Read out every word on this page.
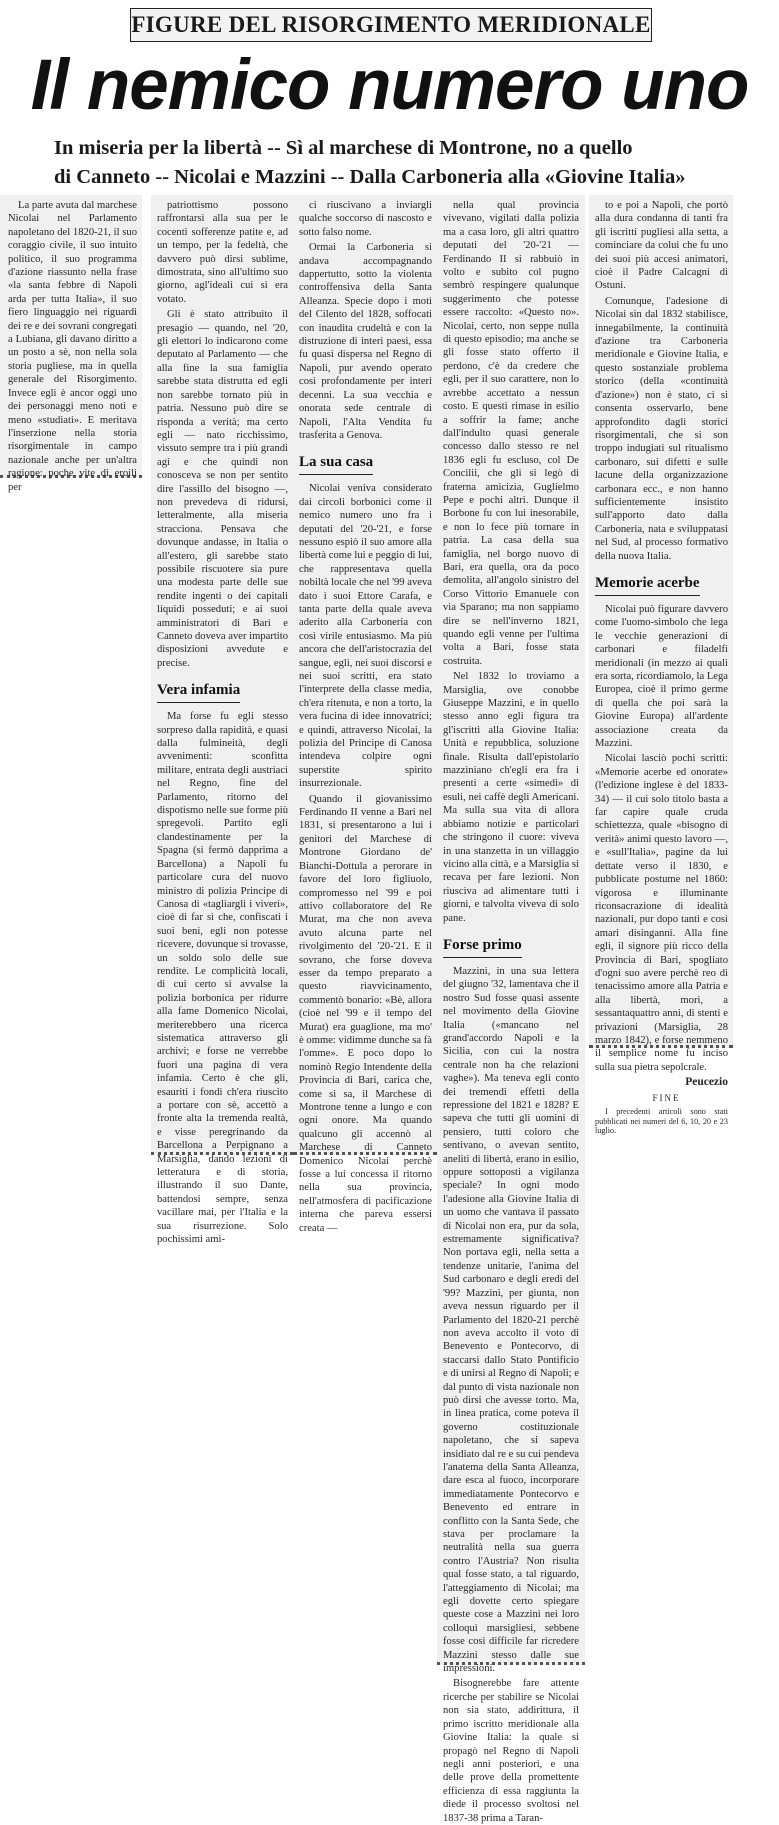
FIGURE DEL RISORGIMENTO MERIDIONALE
Il nemico numero uno
In miseria per la libertà -- Sì al marchese di Montrone, no a quello
di Canneto -- Nicolai e Mazzini -- Dalla Carboneria alla «Giovine Italia»

La parte avuta dal marchese Nicolai nel Parlamento napoletano del 1820-21, il suo coraggio civile, il suo intuito politico, il suo programma d'azione riassunto nella frase «la santa febbre di Napoli arda per tutta Italia», il suo fiero linguaggio nei riguardi dei re e dei sovrani congregati a Lubiana, gli davano diritto a un posto a sè, non nella sola storia pugliese, ma in quella generale del Risorgimento. Invece egli è ancor oggi uno dei personaggi meno noti e meno «studiati». E meritava l'inserzione nella storia risorgimentale in campo nazionale anche per un'altra ragione: poche vite di eroili per

patriottismo possono raffrontarsi alla sua per le cocenti sofferenze patite e, ad un tempo, per la fedeltà, che davvero può dirsi sublime, dimostrata, sino all'ultimo suo giorno, agl'ideali cui si era votato.

Gli è stato attribuito il presagio — quando, nel '20, gli elettori lo indicarono come deputato al Parlamento — che alla fine la sua famiglia sarebbe stata distrutta ed egli non sarebbe tornato più in patria. Nessuno può dire se risponda a verità; ma certo egli — nato ricchissimo, vissuto sempre tra i più grandi agi e che quindi non conosceva se non per sentito dire l'assillo del bisogno —, non prevedeva di ridursi, letteralmente, alla miseria stracciona. Pensava che dovunque andasse, in Italia o all'estero, gli sarebbe stato possibile riscuotere sia pure una modesta parte delle sue rendite ingenti o dei capitali liquidi posseduti; e ai suoi amministratori di Bari e Canneto doveva aver impartito disposizioni avvedute e precise.

Vera infamia

Ma forse fu egli stesso sorpreso dalla rapidità, e quasi dalla fulmineità, degli avvenimenti: sconfitta militare, entrata degli austriaci nel Regno, fine del Parlamento, ritorno del dispotismo nelle sue forme più spregevoli. Partito egli clandestinamente per la Spagna (si fermò dapprima a Barcellona) a Napoli fu particolare cura del nuovo ministro di polizia Principe di Canosa di «tagliargli i viveri», cioè di far sì che, confiscati i suoi beni, egli non potesse ricevere, dovunque si trovasse, un soldo solo delle sue rendite. Le complicità locali, di cui certo si avvalse la polizia borbonica per ridurre alla fame Domenico Nicolai, meriterebbero una ricerca sistematica attraverso gli archivi; e forse ne verrebbe fuori una pagina di vera infamia. Certo è che gli, esauriti i fondi ch'era riuscito a portare con sè, accettò a fronte alta la tremenda realtà, e visse peregrinando da Barcellona a Perpignano a Marsiglia, dando lezioni di letteratura e di storia, illustrando il suo Dante, battendosi sempre, senza vacillare mai, per l'Italia e la sua risurrezione. Solo pochissimi ami-

ci riuscivano a inviargli qualche soccorso di nascosto e sotto falso nome.

Ormai la Carboneria si andava accompagnando dappertutto, sotto la violenta controffensiva della Santa Alleanza. Specie dopo i moti del Cilento del 1828, soffocati con inaudita crudeltà e con la distruzione di interi paesi, essa fu quasi dispersa nel Regno di Napoli, pur avendo operato così profondamente per interi decenni. La sua vecchia e onorata sede centrale di Napoli, l'Alta Vendita fu trasferita a Genova.

La sua casa

Nicolai veniva considerato dai circoli borbonici come il nemico numero uno fra i deputati del '20-'21, e forse nessuno espiò il suo amore alla libertà come lui e peggio di lui, che rappresentava quella nobiltà locale che nel '99 aveva dato i suoi Ettore Carafa, e tanta parte della quale aveva aderito alla Carboneria con così virile entusiasmo. Ma più ancora che dell'aristocrazia del sangue, egli, nei suoi discorsi e nei suoi scritti, era stato l'interprete della classe media, ch'era ritenuta, e non a torto, la vera fucina di idee innovatrici; e quindi, attraverso Nicolai, la polizia del Principe di Canosa intendeva colpire ogni superstite spirito insurrezionale.

Quando il giovanissimo Ferdinando II venne a Bari nel 1831, si presentarono a lui i genitori del Marchese di Montrone Giordano de' Bianchi-Dottula a perorare in favore del loro figliuolo, compromesso nel '99 e poi attivo collaboratore del Re Murat, ma che non aveva avuto alcuna parte nel rivolgimento del '20-'21. E il sovrano, che forse doveva esser da tempo preparato a questo riavvicinamento, commentò bonario: «Bè, allora (cioè nel '99 e il tempo del Murat) era guaglione, ma mo' è omme: vidimme dunche sa fà l'omme». E poco dopo lo nominò Regio Intendente della Provincia di Bari, carica che, come si sa, il Marchese di Montrone tenne a lungo e con ogni onore. Ma quando qualcuno gli accennò al Marchese di Canneto Domenico Nicolai perchè fosse a lui concessa il ritorno nella sua provincia, nell'atmosfera di pacificazione interna che pareva essersi creata —

nella qual provincia vivevano, vigilati dalla polizia ma a casa loro, gli altri quattro deputati del '20-'21 — Ferdinando II si rabbuiò in volto e subito col pugno sembrò respingere qualunque suggerimento che potesse essere raccolto: «Questo no». Nicolai, certo, non seppe nulla di questo episodio; ma anche se gli fosse stato offerto il perdono, c'è da credere che egli, per il suo carattere, non lo avrebbe accettato a nessun costo. E questi rimase in esilio a soffrir la fame; anche dall'indulto quasi generale concesso dallo stesso re nel 1836 egli fu escluso, col De Concilii, che gli si legò di fraterna amicizia, Guglielmo Pepe e pochi altri. Dunque il Borbone fu con lui inesorabile, e non lo fece più tornare in patria. La casa della sua famiglia, nel borgo nuovo di Bari, era quella, ora da poco demolita, all'angolo sinistro del Corso Vittorio Emanuele con via Sparano; ma non sappiamo dire se nell'inverno 1821, quando egli venne per l'ultima volta a Bari, fosse stata costruita.

Nel 1832 lo troviamo a Marsiglia, ove conobbe Giuseppe Mazzini, e in quello stesso anno egli figura tra gl'iscritti alla Giovine Italia: Unità e repubblica, soluzione finale. Risulta dall'epistolario mazziniano ch'egli era fra i presenti a certe «simedi» di esuli, nei caffè degli Americani. Ma sulla sua vita di allora abbiamo notizie e particolari che stringono il cuore: viveva in una stanzetta in un villaggio vicino alla città, e a Marsiglia si recava per fare lezioni. Non riusciva ad alimentare tutti i giorni, e talvolta viveva di solo pane.

Forse primo

Mazzini, in una sua lettera del giugno '32, lamentava che il nostro Sud fosse quasi assente nel movimento della Giovine Italia («mancano nel grand'accordo Napoli e la Sicilia, con cui la nostra centrale non ha che relazioni vaghe»). Ma teneva egli conto dei tremendi effetti della repressione del 1821 e 1828? E sapeva che tutti gli uomini di pensiero, tutti coloro che sentivano, o avevan sentito, aneliti di libertà, erano in esilio, oppure sottoposti a vigilanza speciale? In ogni modo l'adesione alla Giovine Italia di un uomo che vantava il passato di Nicolai non era, pur da sola, estremamente significativa? Non portava egli, nella setta a tendenze unitarie, l'anima del Sud carbonaro e degli eredi del '99? Mazzini, per giunta, non aveva nessun riguardo per il Parlamento del 1820-21 perchè non aveva accolto il voto di Benevento e Pontecorvo, di staccarsi dallo Stato Pontificio e di unirsi al Regno di Napoli; e dal punto di vista nazionale non può dirsi che avesse torto. Ma, in linea pratica, come poteva il governo costituzionale napoletano, che si sapeva insidiato dal re e su cui pendeva l'anatema della Santa Alleanza, dare esca al fuoco, incorporare immediatamente Pontecorvo e Benevento ed entrare in conflitto con la Santa Sede, che stava per proclamare la neutralità nella sua guerra contro l'Austria? Non risulta qual fosse stato, a tal riguardo, l'atteggiamento di Nicolai; ma egli dovette certo spiegare queste cose a Mazzini nei loro colloqui marsigliesi, sebbene fosse così difficile far ricredere Mazzini stesso dalle sue impressioni.

Bisognerebbe fare attente ricerche per stabilire se Nicolai non sia stato, addirittura, il primo iscritto meridionale alla Giovine Italia: la quale si propagò nel Regno di Napoli negli anni posteriori, e una delle prove della promettente efficienza di essa raggiunta la diede il processo svoltosi nel 1837-38 prima a Taran-

to e poi a Napoli, che portò alla dura condanna di tanti fra gli iscritti pugliesi alla setta, a cominciare da colui che fu uno dei suoi più accesi animatori, cioè il Padre Calcagni di Ostuni.

Comunque, l'adesione di Nicolai sin dal 1832 stabilisce, innegabilmente, la continuità d'azione tra Carboneria meridionale e Giovine Italia, e questo sostanziale problema storico (della «continuità d'azione») non è stato, ci si consenta osservarlo, bene approfondito dagli storici risorgimentali, che si son troppo indugiati sul ritualismo carbonaro, sui difetti e sulle lacune della organizzazione carbonara ecc., e non hanno sufficientemente insistito sull'apporto dato dalla Carboneria, nata e sviluppatasi nel Sud, al processo formativo della nuova Italia.

Memorie acerbe

Nicolai può figurare davvero come l'uomo-simbolo che lega le vecchie generazioni di carbonari e filadelfi meridionali (in mezzo ai quali era sorta, ricordiamolo, la Lega Europea, cioè il primo germe di quella che poi sarà la Giovine Europa) all'ardente associazione creata da Mazzini.

Nicolai lasciò pochi scritti: «Memorie acerbe ed onorate» (l'edizione inglese è del 1833-34) — il cui solo titolo basta a far capire quale cruda schiettezza, quale «bisogno di verità» animi questo lavoro —, e «sull'Italia», pagine da lui dettate verso il 1830, e pubblicate postume nel 1860: vigorosa e illuminante riconsacrazione di idealità nazionali, pur dopo tanti e così amari disinganni. Alla fine egli, il signore più ricco della Provincia di Bari, spogliato d'ogni suo avere perchè reo di tenacissimo amore alla Patria e alla libertà, morì, a sessantaquattro anni, di stenti e privazioni (Marsiglia, 28 marzo 1842), e forse nemmeno il semplice nome fu inciso sulla sua pietra sepolcrale.

Peucezio

FINE

I precedenti articoli sono stati pubblicati nei numeri del 6, 10, 20 e 23 luglio.
